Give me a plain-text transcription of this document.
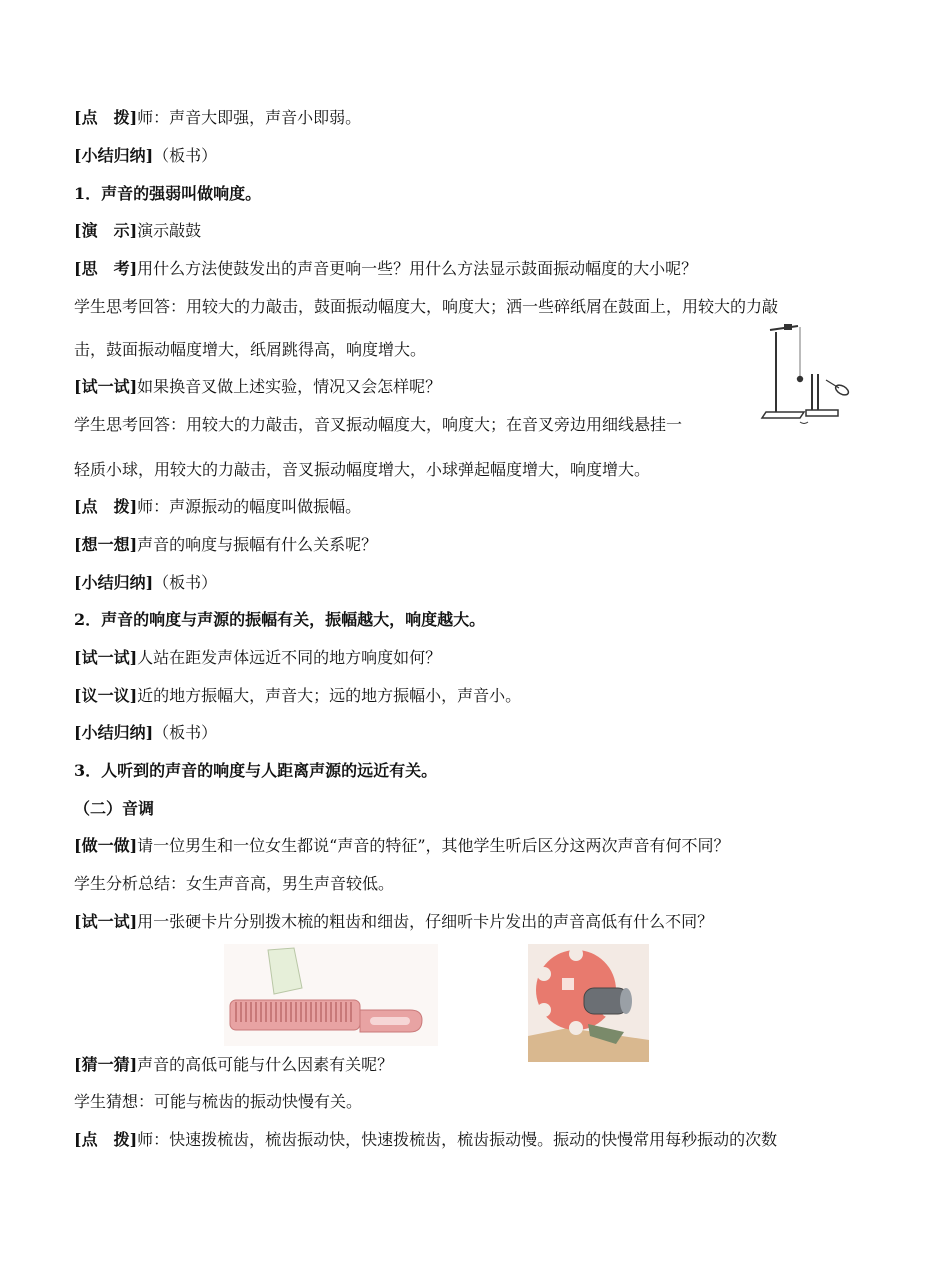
[点　拨]师：声音大即强，声音小即弱。
[小结归纳]（板书）
1．声音的强弱叫做响度。
[演　示]演示敲鼓
[思　考]用什么方法使鼓发出的声音更响一些？用什么方法显示鼓面振动幅度的大小呢？
学生思考回答：用较大的力敲击，鼓面振动幅度大，响度大；洒一些碎纸屑在鼓面上，用较大的力敲
击，鼓面振动幅度增大，纸屑跳得高，响度增大。
[试一试]如果换音叉做上述实验，情况又会怎样呢？
学生思考回答：用较大的力敲击，音叉振动幅度大，响度大；在音叉旁边用细线悬挂一
轻质小球，用较大的力敲击，音叉振动幅度增大，小球弹起幅度增大，响度增大。
[点　拨]师：声源振动的幅度叫做振幅。
[想一想]声音的响度与振幅有什么关系呢？
[小结归纳]（板书）
2．声音的响度与声源的振幅有关，振幅越大，响度越大。
[试一试]人站在距发声体远近不同的地方响度如何？
[议一议]近的地方振幅大，声音大；远的地方振幅小，声音小。
[小结归纳]（板书）
3．人听到的声音的响度与人距离声源的远近有关。
（二）音调
[做一做]请一位男生和一位女生都说“声音的特征”，其他学生听后区分这两次声音有何不同？
学生分析总结：女生声音高，男生声音较低。
[试一试]用一张硬卡片分别拨木梳的粗齿和细齿，仔细听卡片发出的声音高低有什么不同？
[猜一猜]声音的高低可能与什么因素有关呢？
学生猜想：可能与梳齿的振动快慢有关。
[点　拨]师：快速拨梳齿，梳齿振动快，快速拨梳齿，梳齿振动慢。振动的快慢常用每秒振动的次数
